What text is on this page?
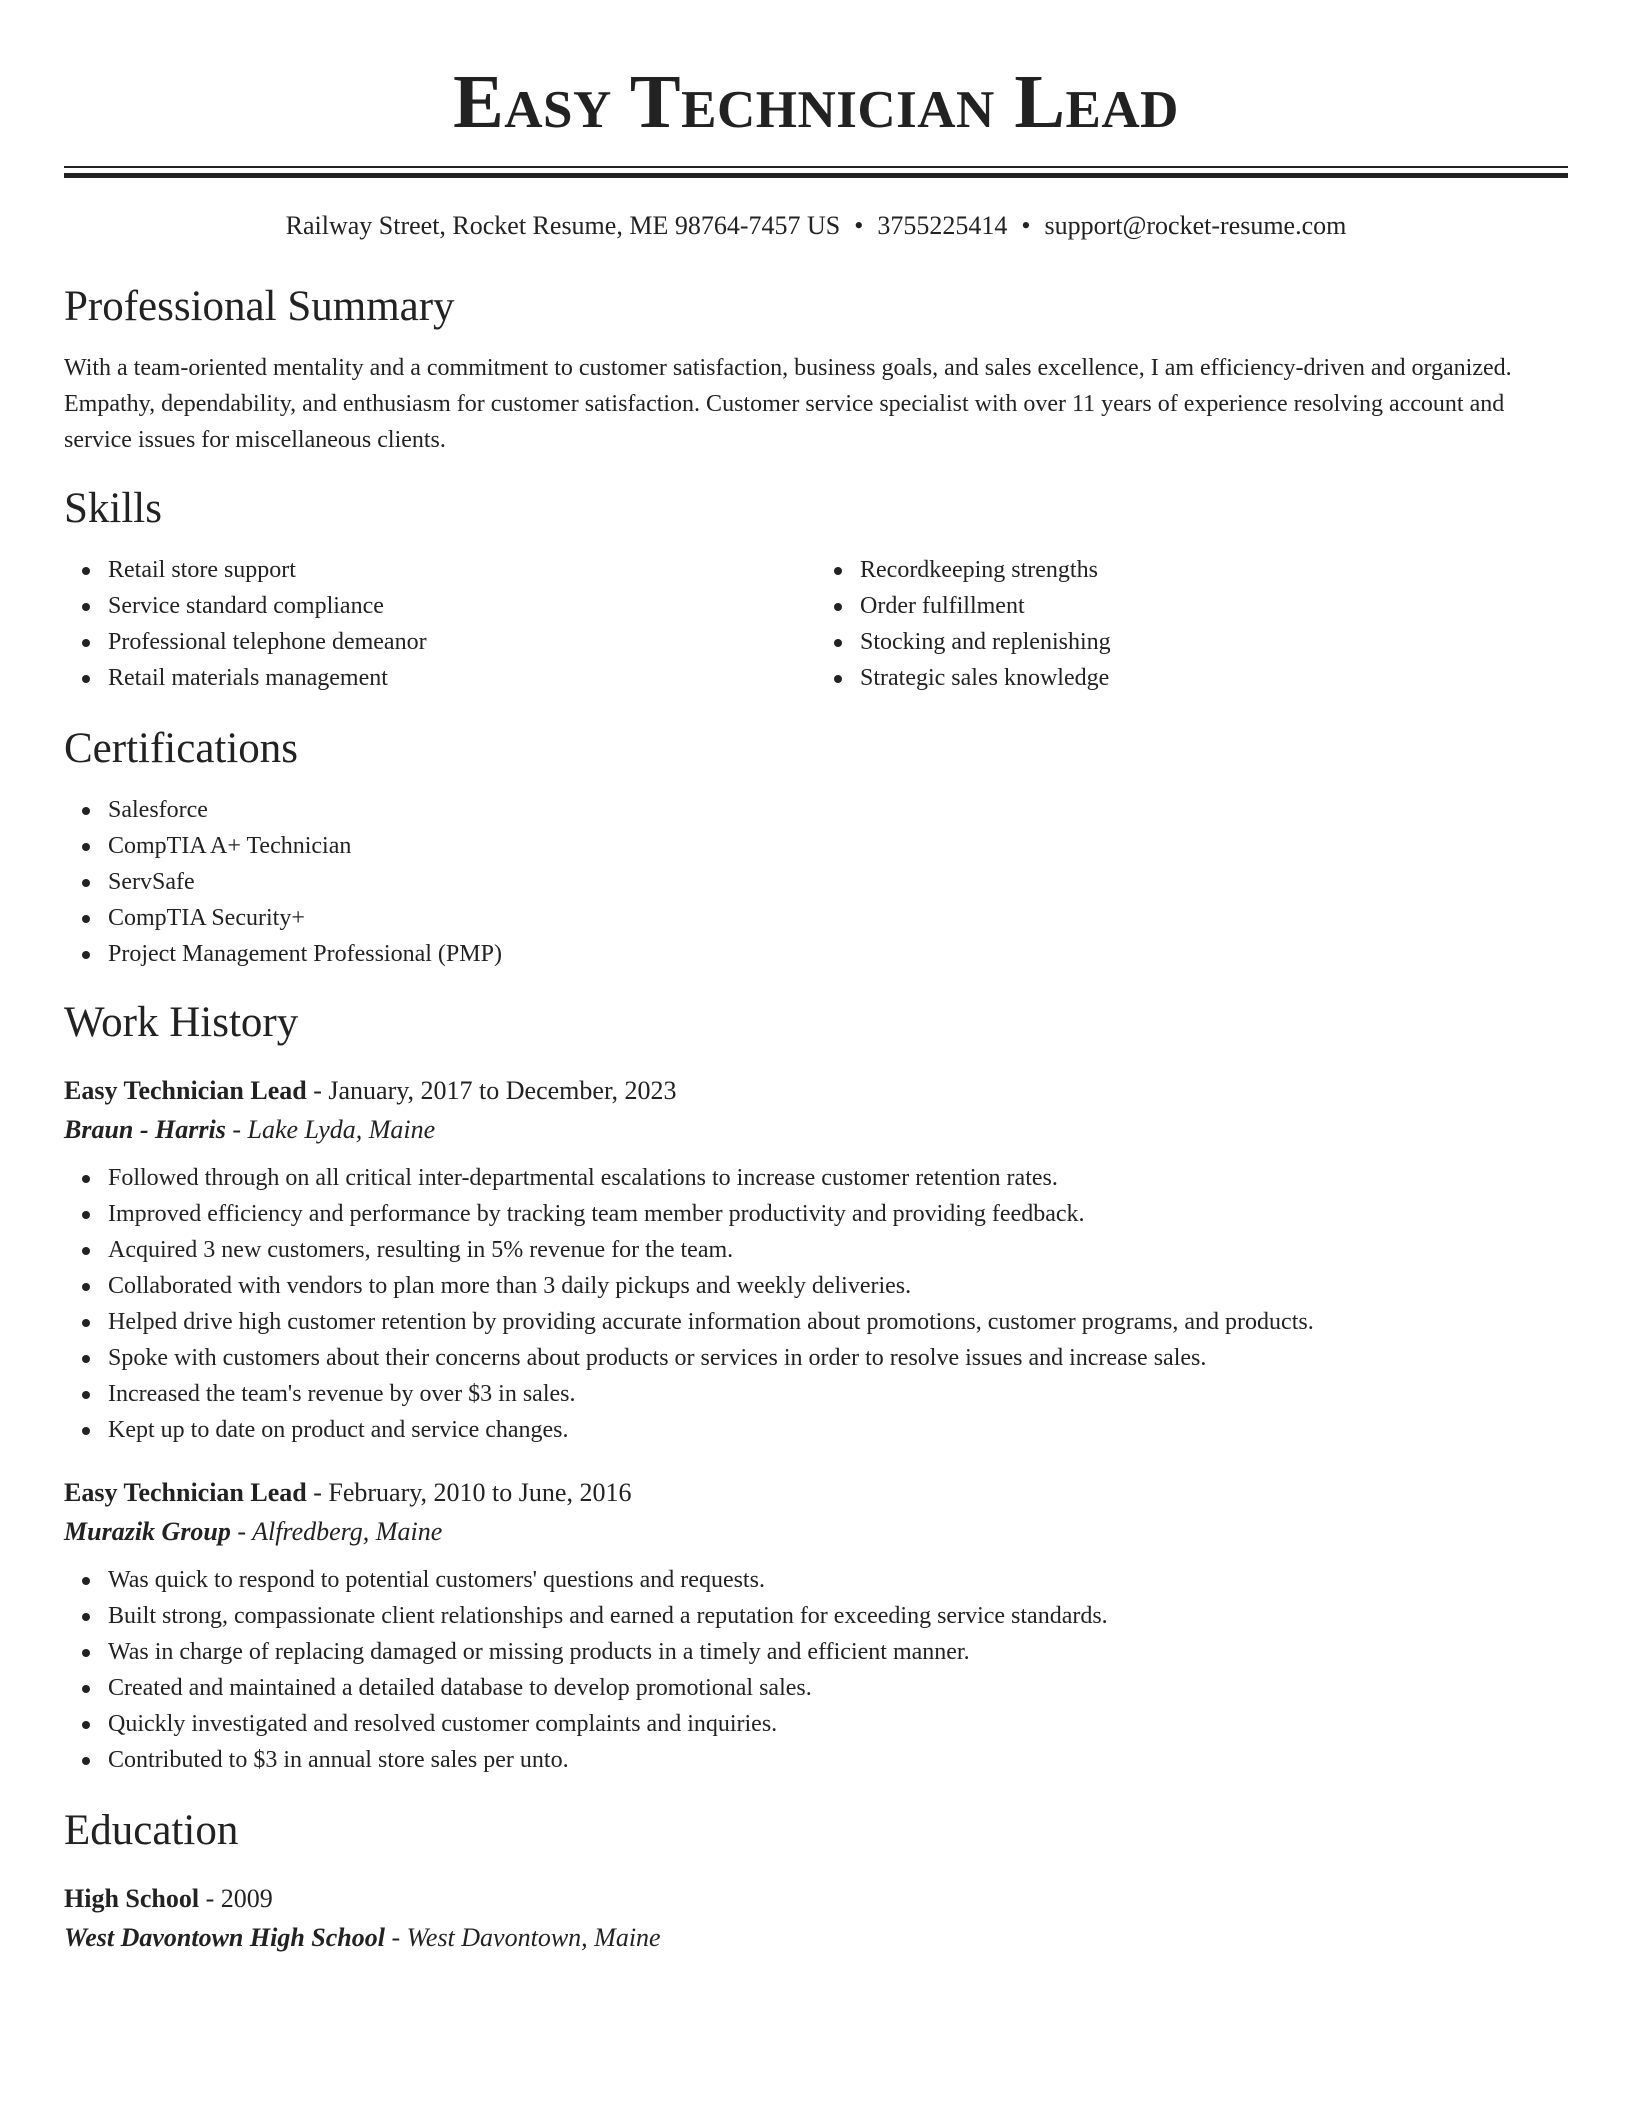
Easy Technician Lead
Railway Street, Rocket Resume, ME 98764-7457 US • 3755225414 • support@rocket-resume.com
Professional Summary

With a team-oriented mentality and a commitment to customer satisfaction, business goals, and sales excellence, I am efficiency-driven and organized. Empathy, dependability, and enthusiasm for customer satisfaction. Customer service specialist with over 11 years of experience resolving account and service issues for miscellaneous clients.

Skills
Retail store support
Service standard compliance
Professional telephone demeanor
Retail materials management
Recordkeeping strengths
Order fulfillment
Stocking and replenishing
Strategic sales knowledge
Certifications
Salesforce
CompTIA A+ Technician
ServSafe
CompTIA Security+
Project Management Professional (PMP)
Work History
Easy Technician Lead - January, 2017 to December, 2023
Braun - Harris - Lake Lyda, Maine
Followed through on all critical inter-departmental escalations to increase customer retention rates.
Improved efficiency and performance by tracking team member productivity and providing feedback.
Acquired 3 new customers, resulting in 5% revenue for the team.
Collaborated with vendors to plan more than 3 daily pickups and weekly deliveries.
Helped drive high customer retention by providing accurate information about promotions, customer programs, and products.
Spoke with customers about their concerns about products or services in order to resolve issues and increase sales.
Increased the team's revenue by over $3 in sales.
Kept up to date on product and service changes.
Easy Technician Lead - February, 2010 to June, 2016
Murazik Group - Alfredberg, Maine
Was quick to respond to potential customers' questions and requests.
Built strong, compassionate client relationships and earned a reputation for exceeding service standards.
Was in charge of replacing damaged or missing products in a timely and efficient manner.
Created and maintained a detailed database to develop promotional sales.
Quickly investigated and resolved customer complaints and inquiries.
Contributed to $3 in annual store sales per unto.
Education
High School - 2009
West Davontown High School - West Davontown, Maine
